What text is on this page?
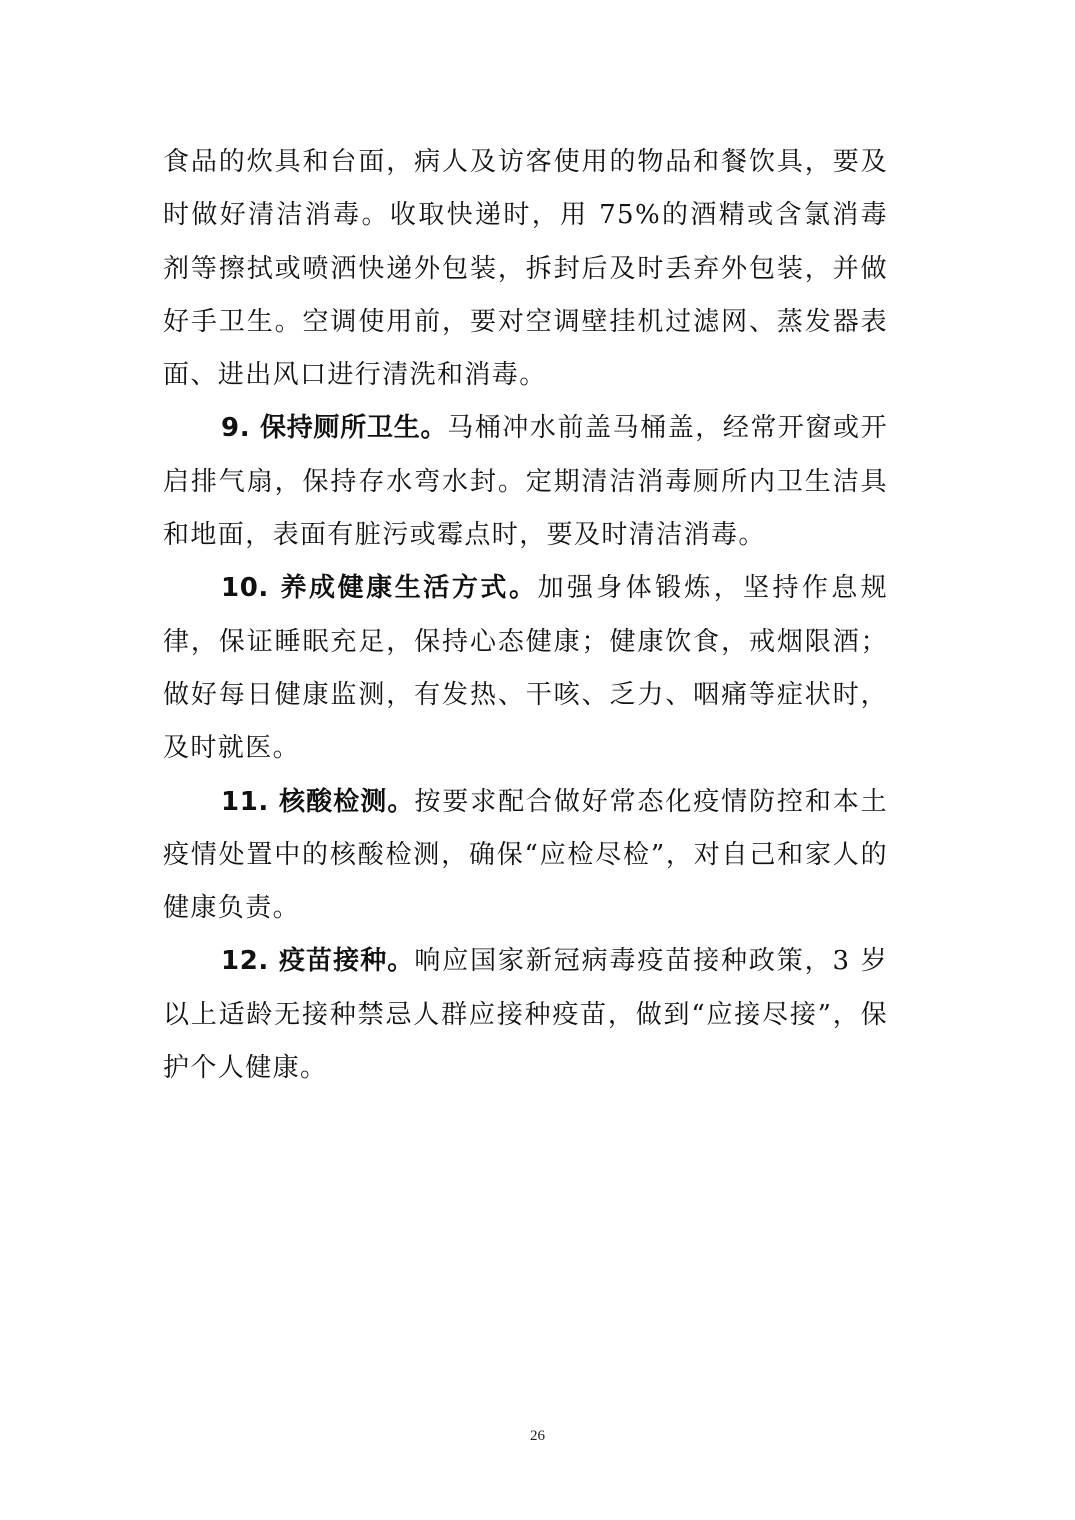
食品的炊具和台面，病人及访客使用的物品和餐饮具，要及时做好清洁消毒。收取快递时，用 75%的酒精或含氯消毒剂等擦拭或喷洒快递外包装，拆封后及时丢弃外包装，并做好手卫生。空调使用前，要对空调壁挂机过滤网、蒸发器表面、进出风口进行清洗和消毒。

9. 保持厕所卫生。马桶冲水前盖马桶盖，经常开窗或开启排气扇，保持存水弯水封。定期清洁消毒厕所内卫生洁具和地面，表面有脏污或霉点时，要及时清洁消毒。

10. 养成健康生活方式。加强身体锻炼，坚持作息规律，保证睡眠充足，保持心态健康；健康饮食，戒烟限酒；做好每日健康监测，有发热、干咳、乏力、咽痛等症状时，及时就医。

11. 核酸检测。按要求配合做好常态化疫情防控和本土疫情处置中的核酸检测，确保“应检尽检”，对自己和家人的健康负责。

12. 疫苗接种。响应国家新冠病毒疫苗接种政策，3 岁以上适龄无接种禁忌人群应接种疫苗，做到“应接尽接”，保护个人健康。

26
